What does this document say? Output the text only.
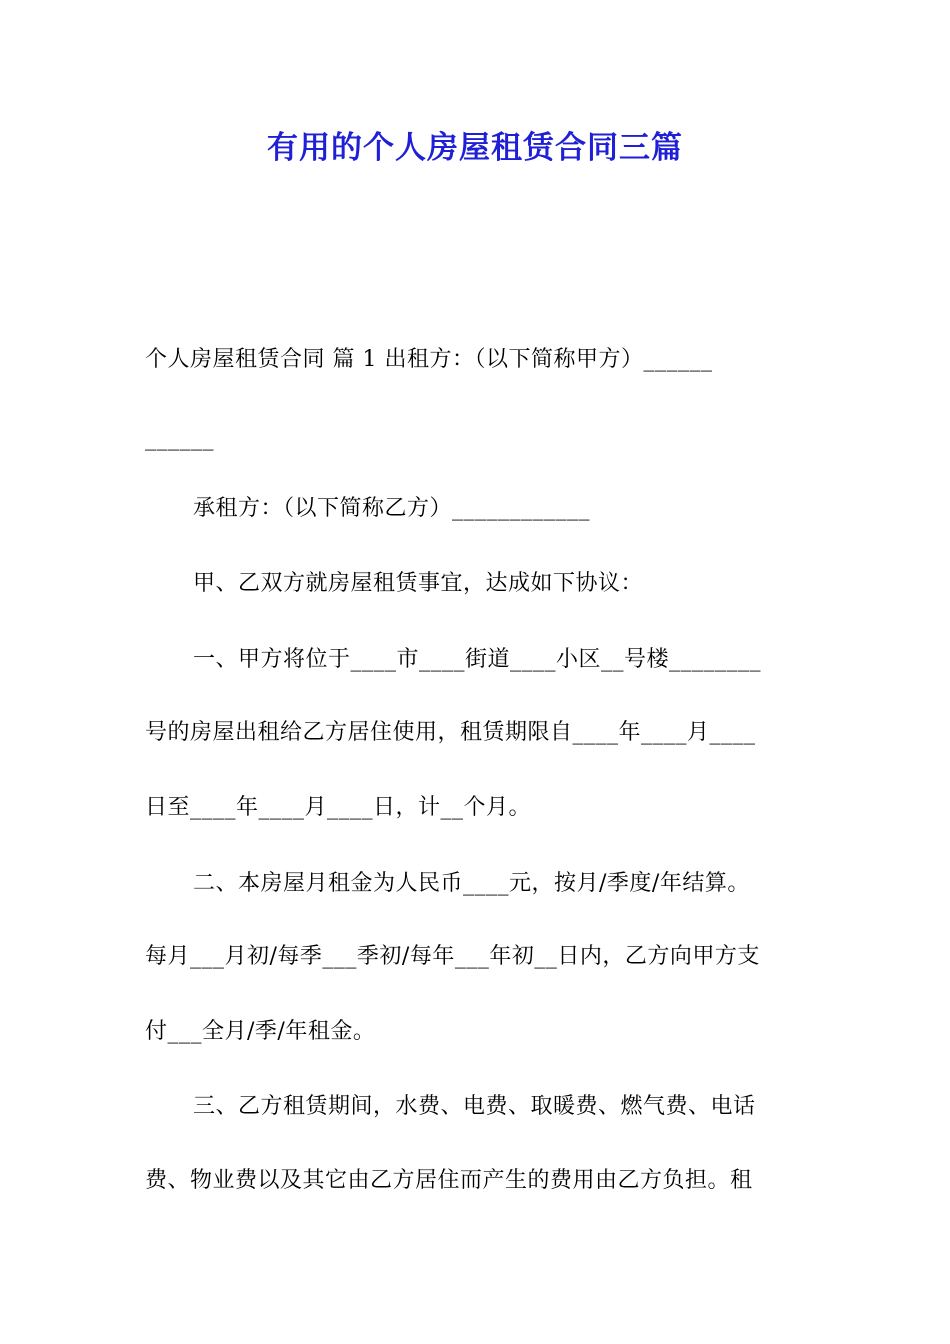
有用的个人房屋租赁合同三篇
个人房屋租赁合同 篇 1 出租方：（以下简称甲方）______
______
承租方：（以下简称乙方）____________
甲、乙双方就房屋租赁事宜，达成如下协议：
一、甲方将位于____市____街道____小区__号楼________
号的房屋出租给乙方居住使用，租赁期限自____年____月____
日至____年____月____日，计__个月。
二、本房屋月租金为人民币____元，按月/季度/年结算。
每月___月初/每季___季初/每年___年初__日内，乙方向甲方支
付___全月/季/年租金。
三、乙方租赁期间，水费、电费、取暖费、燃气费、电话
费、物业费以及其它由乙方居住而产生的费用由乙方负担。租
